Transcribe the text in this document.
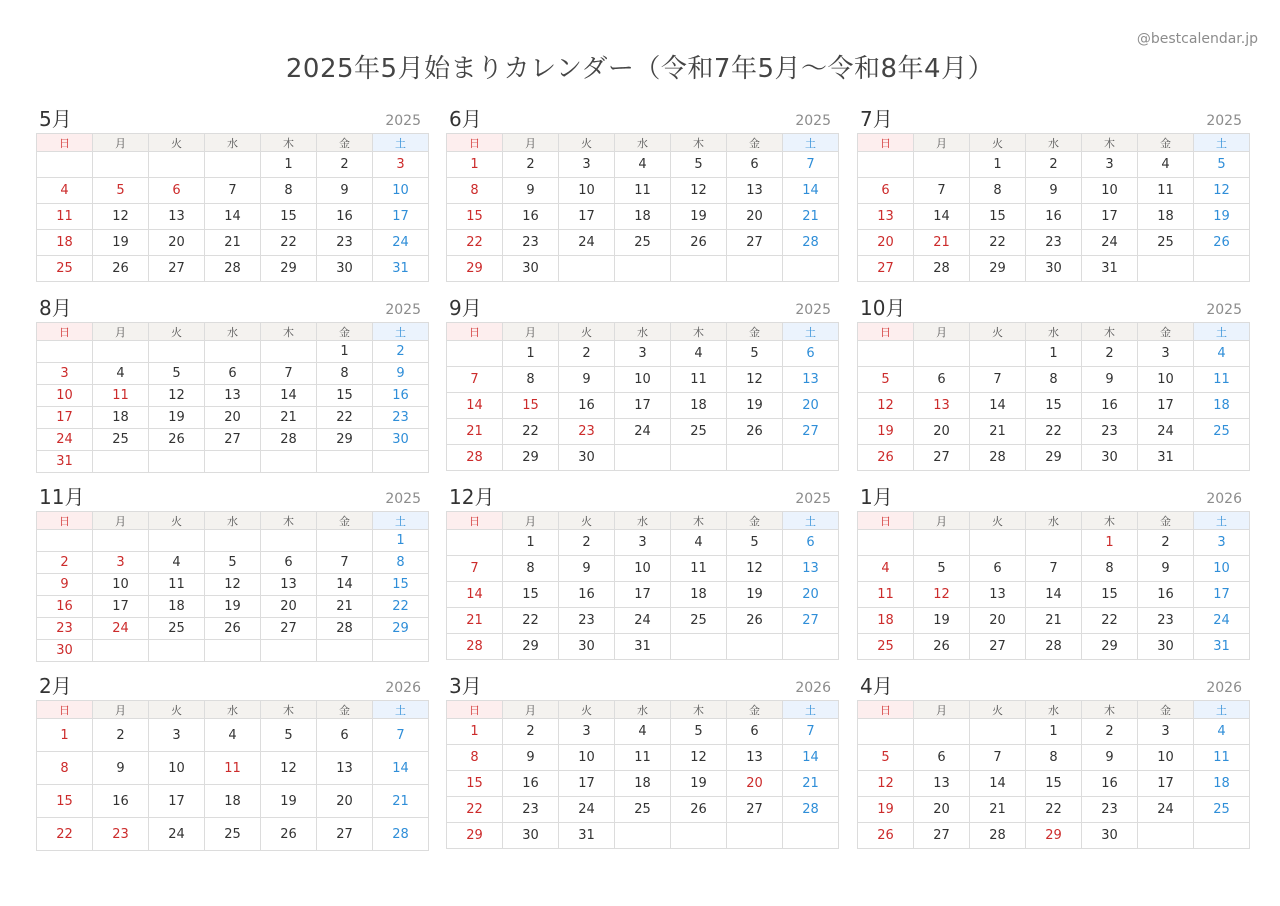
@bestcalendar.jp
2025年5月始まりカレンダー（令和7年5月〜令和8年4月）
5月	2025
日	月	火	水	木	金	土
				1	2	3
4	5	6	7	8	9	10
11	12	13	14	15	16	17
18	19	20	21	22	23	24
25	26	27	28	29	30	31
6月	2025
日	月	火	水	木	金	土
1	2	3	4	5	6	7
8	9	10	11	12	13	14
15	16	17	18	19	20	21
22	23	24	25	26	27	28
29	30					
7月	2025
日	月	火	水	木	金	土
		1	2	3	4	5
6	7	8	9	10	11	12
13	14	15	16	17	18	19
20	21	22	23	24	25	26
27	28	29	30	31		
8月	2025
日	月	火	水	木	金	土
					1	2
3	4	5	6	7	8	9
10	11	12	13	14	15	16
17	18	19	20	21	22	23
24	25	26	27	28	29	30
31						
9月	2025
日	月	火	水	木	金	土
	1	2	3	4	5	6
7	8	9	10	11	12	13
14	15	16	17	18	19	20
21	22	23	24	25	26	27
28	29	30				
10月	2025
日	月	火	水	木	金	土
			1	2	3	4
5	6	7	8	9	10	11
12	13	14	15	16	17	18
19	20	21	22	23	24	25
26	27	28	29	30	31	
11月	2025
日	月	火	水	木	金	土
						1
2	3	4	5	6	7	8
9	10	11	12	13	14	15
16	17	18	19	20	21	22
23	24	25	26	27	28	29
30						
12月	2025
日	月	火	水	木	金	土
	1	2	3	4	5	6
7	8	9	10	11	12	13
14	15	16	17	18	19	20
21	22	23	24	25	26	27
28	29	30	31			
1月	2026
日	月	火	水	木	金	土
				1	2	3
4	5	6	7	8	9	10
11	12	13	14	15	16	17
18	19	20	21	22	23	24
25	26	27	28	29	30	31
2月	2026
日	月	火	水	木	金	土
1	2	3	4	5	6	7
8	9	10	11	12	13	14
15	16	17	18	19	20	21
22	23	24	25	26	27	28
3月	2026
日	月	火	水	木	金	土
1	2	3	4	5	6	7
8	9	10	11	12	13	14
15	16	17	18	19	20	21
22	23	24	25	26	27	28
29	30	31				
4月	2026
日	月	火	水	木	金	土
			1	2	3	4
5	6	7	8	9	10	11
12	13	14	15	16	17	18
19	20	21	22	23	24	25
26	27	28	29	30		
